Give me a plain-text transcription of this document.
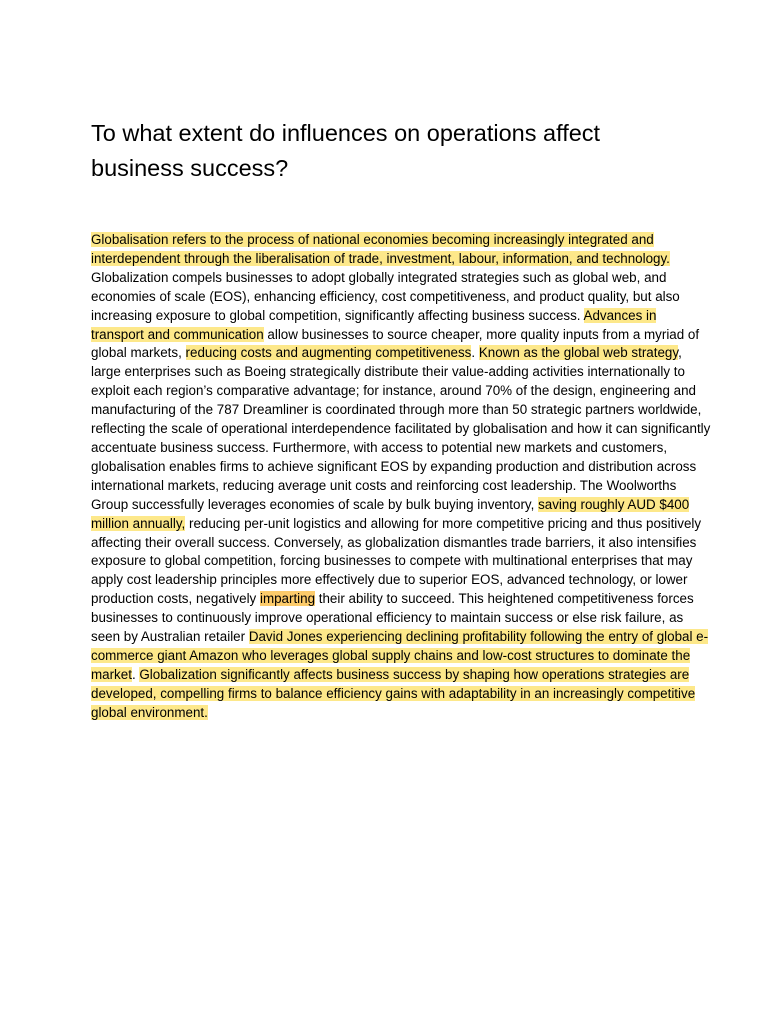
To what extent do influences on operations affect business success?

Globalisation refers to the process of national economies becoming increasingly integrated and interdependent through the liberalisation of trade, investment, labour, information, and technology. Globalization compels businesses to adopt globally integrated strategies such as global web, and economies of scale (EOS), enhancing efficiency, cost competitiveness, and product quality, but also increasing exposure to global competition, significantly affecting business success. Advances in transport and communication allow businesses to source cheaper, more quality inputs from a myriad of global markets, reducing costs and augmenting competitiveness. Known as the global web strategy, large enterprises such as Boeing strategically distribute their value-adding activities internationally to exploit each region’s comparative advantage; for instance, around 70% of the design, engineering and manufacturing of the 787 Dreamliner is coordinated through more than 50 strategic partners worldwide, reflecting the scale of operational interdependence facilitated by globalisation and how it can significantly accentuate business success. Furthermore, with access to potential new markets and customers, globalisation enables firms to achieve significant EOS by expanding production and distribution across international markets, reducing average unit costs and reinforcing cost leadership. The Woolworths Group successfully leverages economies of scale by bulk buying inventory, saving roughly AUD $400 million annually, reducing per-unit logistics and allowing for more competitive pricing and thus positively affecting their overall success. Conversely, as globalization dismantles trade barriers, it also intensifies exposure to global competition, forcing businesses to compete with multinational enterprises that may apply cost leadership principles more effectively due to superior EOS, advanced technology, or lower production costs, negatively imparting their ability to succeed. This heightened competitiveness forces businesses to continuously improve operational efficiency to maintain success or else risk failure, as seen by Australian retailer David Jones experiencing declining profitability following the entry of global e-commerce giant Amazon who leverages global supply chains and low-cost structures to dominate the market. Globalization significantly affects business success by shaping how operations strategies are developed, compelling firms to balance efficiency gains with adaptability in an increasingly competitive global environment.
